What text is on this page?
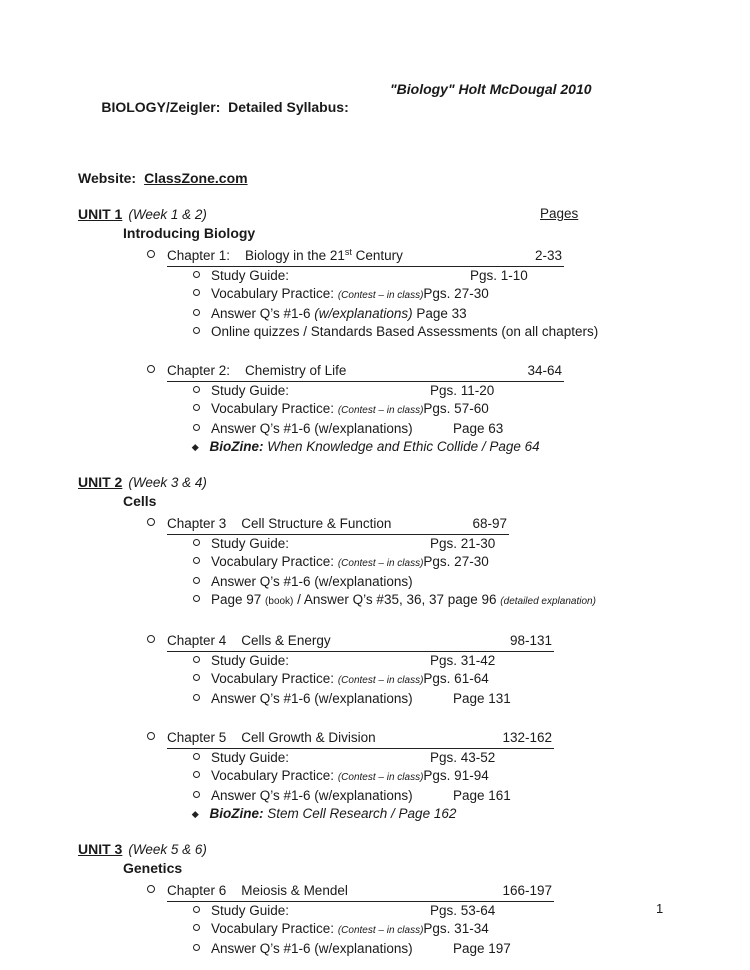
BIOLOGY/Zeigler:  Detailed Syllabus:

"Biology" Holt McDougal 2010

Website: ClassZone.com
UNIT 1 (Week 1 & 2)	Pages
Introducing Biology
Chapter 1: Biology in the 21st Century	2-33
Study Guide:	Pgs. 1-10
Vocabulary Practice: (Contest – in class)Pgs. 27-30
Answer Q’s #1-6 (w/explanations) Page 33
Online quizzes / Standards Based Assessments (on all chapters)
Chapter 2: Chemistry of Life	34-64
Study Guide:	Pgs. 11-20
Vocabulary Practice: (Contest – in class)Pgs. 57-60
Answer Q’s #1-6 (w/explanations)	Page 63
BioZine: When Knowledge and Ethic Collide / Page 64
UNIT 2 (Week 3 & 4)
Cells
Chapter 3 Cell Structure & Function	68-97
Study Guide:	Pgs. 21-30
Vocabulary Practice: (Contest – in class)Pgs. 27-30
Answer Q’s #1-6 (w/explanations)
Page 97 (book) / Answer Q’s #35, 36, 37 page 96 (detailed explanation)
Chapter 4 Cells & Energy	98-131
Study Guide:	Pgs. 31-42
Vocabulary Practice: (Contest – in class)Pgs. 61-64
Answer Q’s #1-6 (w/explanations)	Page 131
Chapter 5 Cell Growth & Division	132-162
Study Guide:	Pgs. 43-52
Vocabulary Practice: (Contest – in class)Pgs. 91-94
Answer Q’s #1-6 (w/explanations)	Page 161
BioZine: Stem Cell Research / Page 162
UNIT 3 (Week 5 & 6)
Genetics
Chapter 6 Meiosis & Mendel	166-197
Study Guide:	Pgs. 53-64
Vocabulary Practice: (Contest – in class)Pgs. 31-34
Answer Q’s #1-6 (w/explanations)	Page 197
1
